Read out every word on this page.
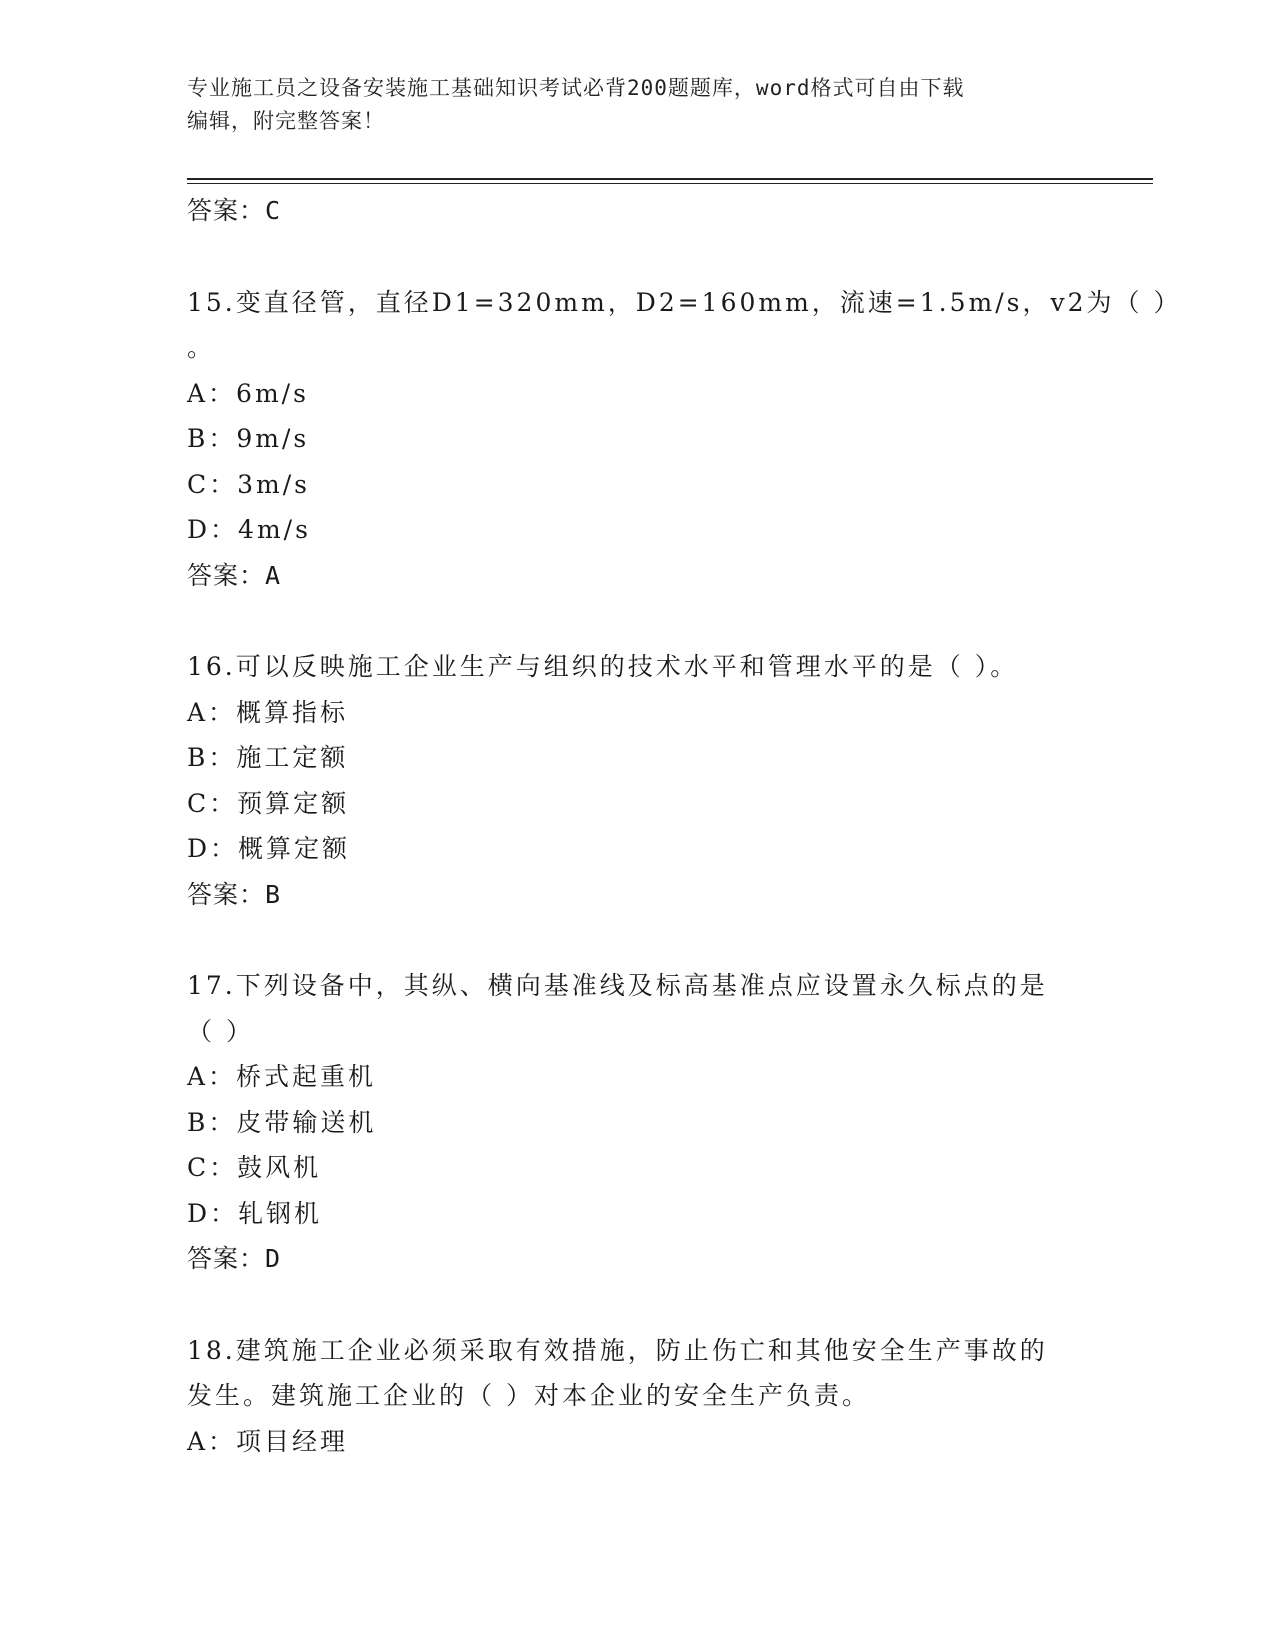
专业施工员之设备安装施工基础知识考试必背200题题库，word格式可自由下载
编辑，附完整答案！
答案：C
15.变直径管，直径D1=320mm，D2=160mm，流速=1.5m/s，v2为（ ）
。
A：6m/s
B：9m/s
C：3m/s
D：4m/s
答案：A
16.可以反映施工企业生产与组织的技术水平和管理水平的是（ ）。
A：概算指标
B：施工定额
C：预算定额
D：概算定额
答案：B
17.下列设备中，其纵、横向基准线及标高基准点应设置永久标点的是
（ ）
A：桥式起重机
B：皮带输送机
C：鼓风机
D：轧钢机
答案：D
18.建筑施工企业必须采取有效措施，防止伤亡和其他安全生产事故的
发生。建筑施工企业的（ ）对本企业的安全生产负责。
A：项目经理
